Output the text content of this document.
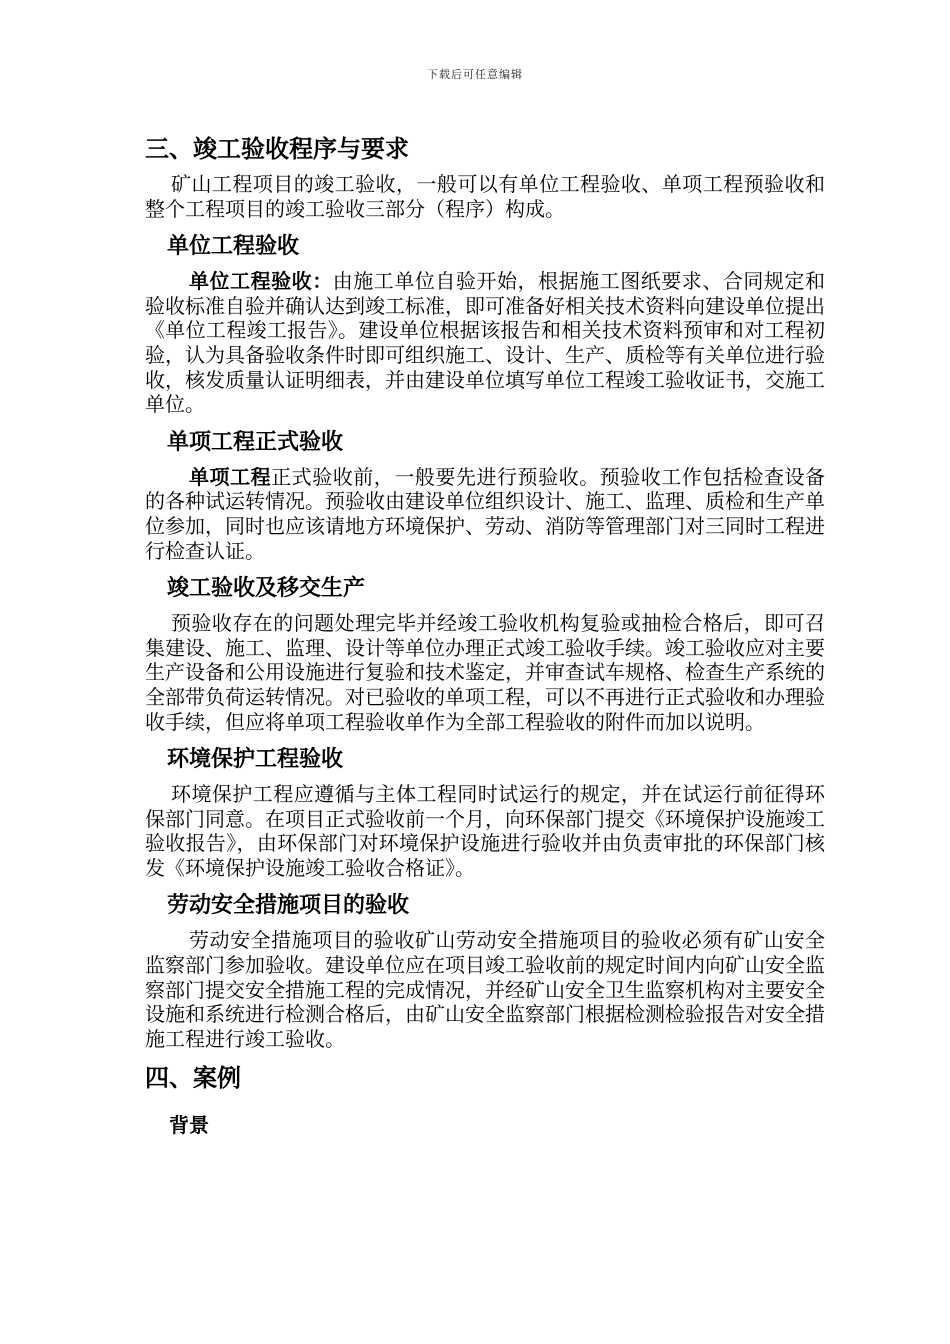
下载后可任意编辑
三、竣工验收程序与要求

矿山工程项目的竣工验收，一般可以有单位工程验收、单项工程预验收和整个工程项目的竣工验收三部分（程序）构成。

单位工程验收

单位工程验收：由施工单位自验开始，根据施工图纸要求、合同规定和验收标准自验并确认达到竣工标准，即可准备好相关技术资料向建设单位提出《单位工程竣工报告》。建设单位根据该报告和相关技术资料预审和对工程初验，认为具备验收条件时即可组织施工、设计、生产、质检等有关单位进行验收，核发质量认证明细表，并由建设单位填写单位工程竣工验收证书，交施工单位。

单项工程正式验收

单项工程正式验收前，一般要先进行预验收。预验收工作包括检查设备 的各种试运转情况。预验收由建设单位组织设计、施工、监理、质检和生产单位参加，同时也应该请地方环境保护、劳动、消防等管理部门对三同时工程进行检查认证。

竣工验收及移交生产

预验收存在的问题处理完毕并经竣工验收机构复验或抽检合格后，即可召集建设、施工、监理、设计等单位办理正式竣工验收手续。竣工验收应对主要生产设备和公用设施进行复验和技术鉴定，并审查试车规格、检查生产系统的全部带负荷运转情况。对已验收的单项工程，可以不再进行正式验收和办理验收手续，但应将单项工程验收单作为全部工程验收的附件而加以说明。

环境保护工程验收

环境保护工程应遵循与主体工程同时试运行的规定，并在试运行前征得环保部门同意。在项目正式验收前一个月，向环保部门提交《环境保护设施竣工验收报告》，由环保部门对环境保护设施进行验收并由负责审批的环保部门核发《环境保护设施竣工验收合格证》。

劳动安全措施项目的验收

劳动安全措施项目的验收矿山劳动安全措施项目的验收必须有矿山安全监察部门参加验收。建设单位应在项目竣工验收前的规定时间内向矿山安全监察部门提交安全措施工程的完成情况，并经矿山安全卫生监察机构对主要安全设施和系统进行检测合格后，由矿山安全监察部门根据检测检验报告对安全措施工程进行竣工验收。

四、案例
背景
